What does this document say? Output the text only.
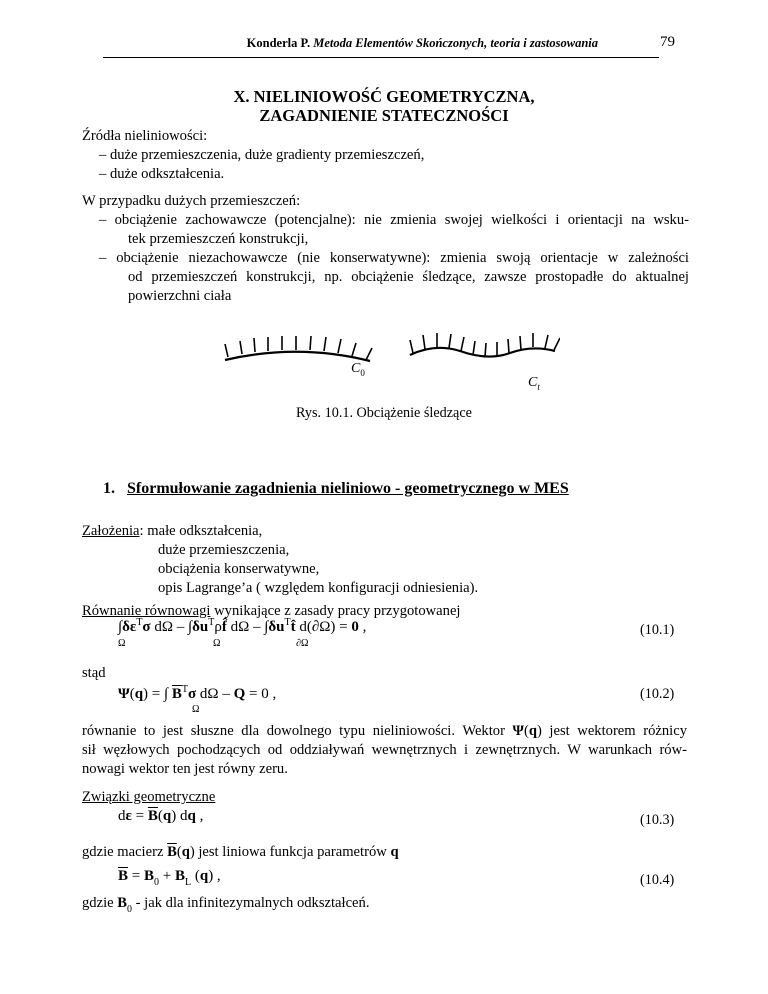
Konderla P. Metoda Elementów Skończonych, teoria i zastosowania	79
X. NIELINIOWOŚĆ GEOMETRYCZNA,
ZAGADNIENIE STATECZNOŚCI
Źródła nieliniowości:
– duże przemieszczenia, duże gradienty przemieszczeń,
– duże odkształcenia.
W przypadku dużych przemieszczeń:
– obciążenie zachowawcze (potencjalne): nie zmienia swojej wielkości i orientacji na wsku-
tek przemieszczeń konstrukcji,
– obciążenie niezachowawcze (nie konserwatywne): zmienia swoją orientacje w zależności
od przemieszczeń konstrukcji, np. obciążenie śledzące, zawsze prostopadłe do aktualnej
powierzchni ciała
$C_0$
$C_t$
Rys. 10.1. Obciążenie śledzące
1. Sformułowanie zagadnienia nieliniowo - geometrycznego w MES
Założenia: małe odkształcenia,
duże przemieszczenia,
obciążenia konserwatywne,
opis Lagrange’a ( względem konfiguracji odniesienia).
Równanie równowagi wynikające z zasady pracy przygotowanej
$\int\delta\varepsilon^T\sigma$ dΩ – $\int\delta u^T\rho f̂$ dΩ – $\int\delta u^Tt̂$ d(∂Ω) = 0 ,
Ω	Ω	∂Ω
(10.1)
stąd
Ψ(q) = ∫ $\overline{B}^T\sigma$ dΩ – Q = 0 ,
Ω
(10.2)
równanie to jest słuszne dla dowolnego typu nieliniowości. Wektor Ψ(q) jest wektorem różnicy
sił węzłowych pochodzących od oddziaływań wewnętrznych i zewnętrznych. W warunkach rów-
nowagi wektor ten jest równy zeru.
Związki geometryczne
$d\varepsilon = \overline{B}(q)$ dq ,	(10.3)
gdzie macierz $\overline{B}(q)$ jest liniowa funkcja parametrów q
$\overline{B} = B_0 + B_L$ (q) ,	(10.4)
gdzie $B_0$ - jak dla infinitezymalnych odkształceń.
